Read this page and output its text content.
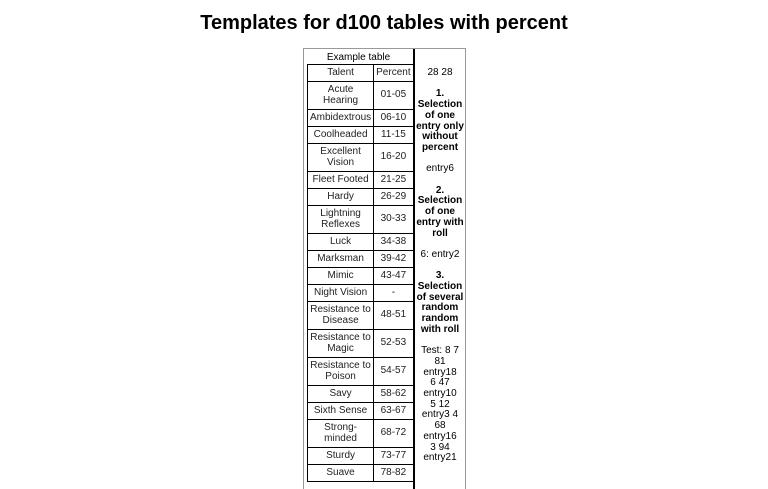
Templates for d100 tables with percent
Example table
Talent	Percent
Acute Hearing	01-05
Ambidextrous	06-10
Coolheaded	11-15
Excellent Vision	16-20
Fleet Footed	21-25
Hardy	26-29
Lightning Reflexes	30-33
Luck	34-38
Marksman	39-42
Mimic	43-47
Night Vision	-
Resistance to Disease	48-51
Resistance to Magic	52-53
Resistance to Poison	54-57
Savy	58-62
Sixth Sense	63-67
Strong-minded	68-72
Sturdy	73-77
Suave	78-82

28 28

1. Selection of one entry only without percent

entry6

2. Selection of one entry with roll

6: entry2

3. Selection of several random random with roll

Test: 8 7 81 entry18 6 47 entry10 5 12 entry3 4 68 entry16 3 94 entry21
